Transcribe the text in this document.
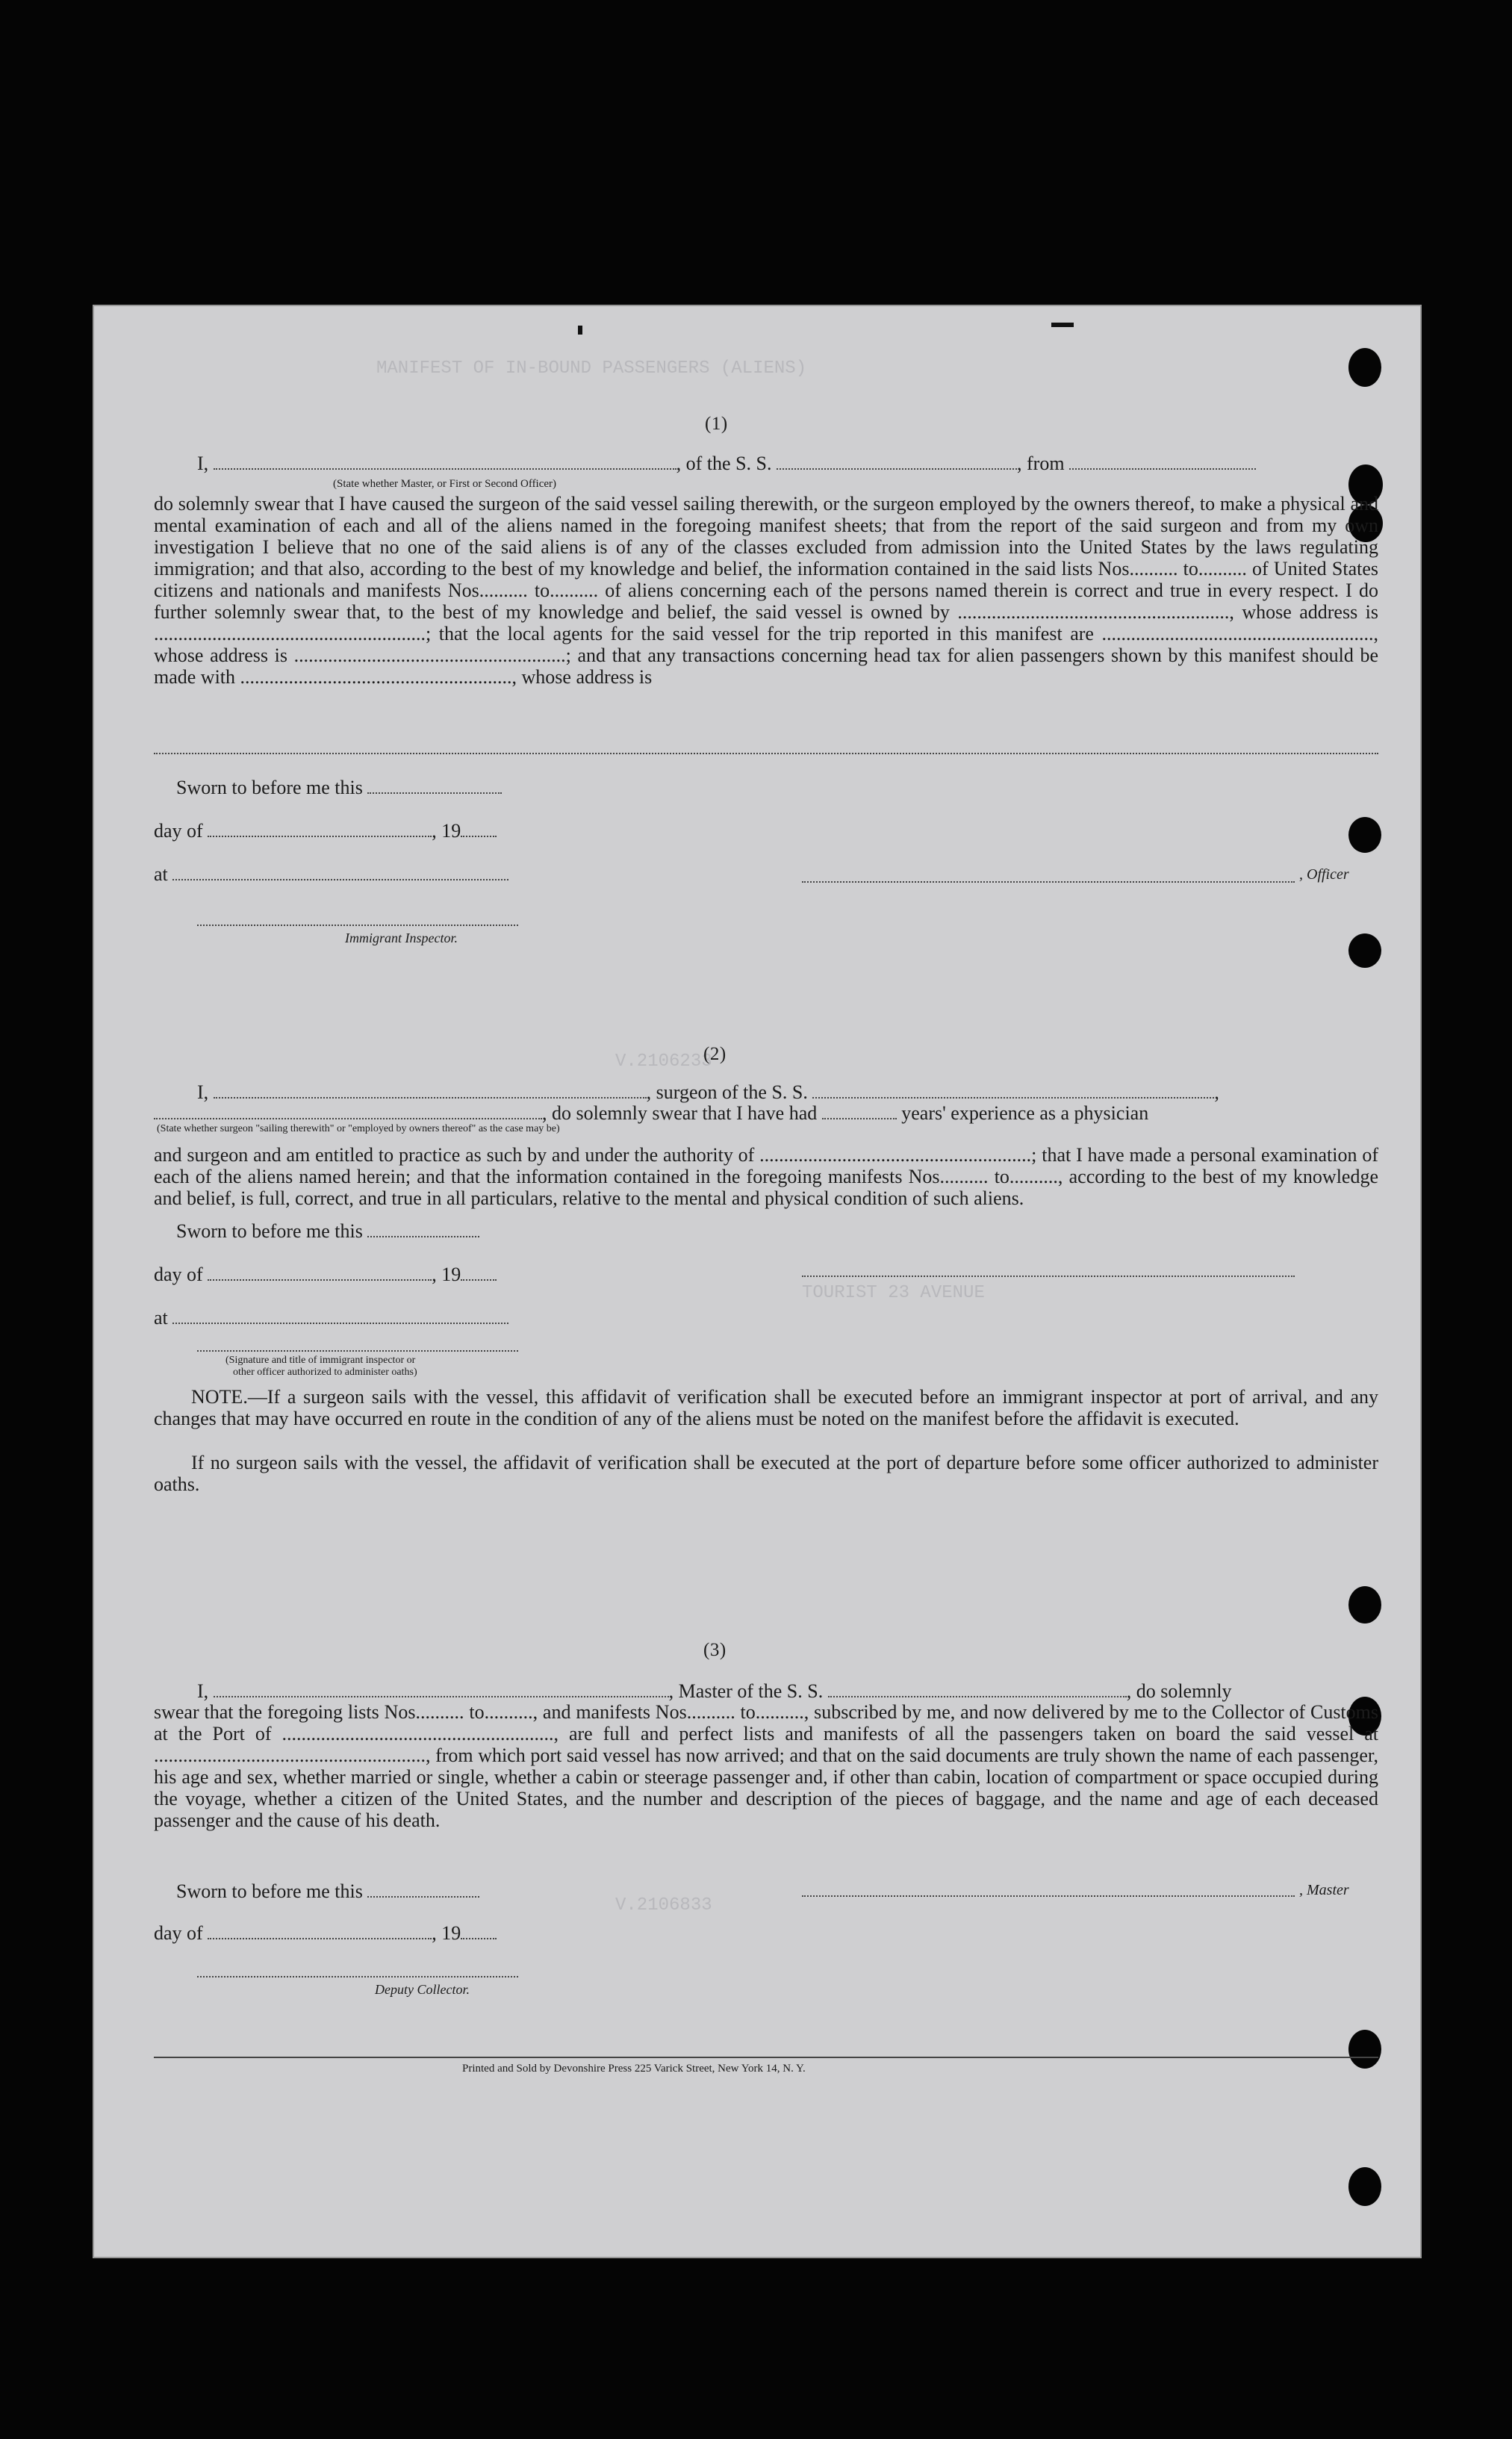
MANIFEST OF IN-BOUND PASSENGERS (ALIENS)
V.2106233
TOURIST 23 AVENUE
V.2106833
(1)
I,	, of the S. S.	, from
(State whether Master, or First or Second Officer)
do solemnly swear that I have caused the surgeon of the said vessel sailing therewith, or the surgeon employed by the owners thereof, to make a physical and mental examination of each and all of the aliens named in the foregoing manifest sheets; that from the report of the said surgeon and from my own investigation I believe that no one of the said aliens is of any of the classes excluded from admission into the United States by the laws regulating immigration; and that also, according to the best of my knowledge and belief, the information contained in the said lists Nos.......... to.......... of United States citizens and nationals and manifests Nos.......... to.......... of aliens concerning each of the persons named therein is correct and true in every respect. I do further solemnly swear that, to the best of my knowledge and belief, the said vessel is owned by ........................................................, whose address is ........................................................; that the local agents for the said vessel for the trip reported in this manifest are ........................................................, whose address is ........................................................; and that any transactions concerning head tax for alien passengers shown by this manifest should be made with ........................................................, whose address is
Sworn to before me this
day of	, 19
at	, Officer
Immigrant Inspector.
(2)
I,	, surgeon of the S. S.	,
, do solemnly swear that I have had	years' experience as a physician
(State whether surgeon "sailing therewith" or "employed by owners thereof" as the case may be)
and surgeon and am entitled to practice as such by and under the authority of ........................................................; that I have made a personal examination of each of the aliens named herein; and that the information contained in the foregoing manifests Nos.......... to.........., according to the best of my knowledge and belief, is full, correct, and true in all particulars, relative to the mental and physical condition of such aliens.
Sworn to before me this
day of	, 19
at
(Signature and title of immigrant inspector or
other officer authorized to administer oaths)
NOTE.—If a surgeon sails with the vessel, this affidavit of verification shall be executed before an immigrant inspector at port of arrival, and any changes that may have occurred en route in the condition of any of the aliens must be noted on the manifest before the affidavit is executed.
If no surgeon sails with the vessel, the affidavit of verification shall be executed at the port of departure before some officer authorized to administer oaths.
(3)
I,	, Master of the S. S.	, do solemnly
swear that the foregoing lists Nos.......... to.........., and manifests Nos.......... to.........., subscribed by me, and now delivered by me to the Collector of Customs at the Port of ........................................................, are full and perfect lists and manifests of all the passengers taken on board the said vessel at ........................................................, from which port said vessel has now arrived; and that on the said documents are truly shown the name of each passenger, his age and sex, whether married or single, whether a cabin or steerage passenger and, if other than cabin, location of compartment or space occupied during the voyage, whether a citizen of the United States, and the number and description of the pieces of baggage, and the name and age of each deceased passenger and the cause of his death.
Sworn to before me this	, Master
day of	, 19
Deputy Collector.
Printed and Sold by Devonshire Press 225 Varick Street, New York 14, N. Y.
